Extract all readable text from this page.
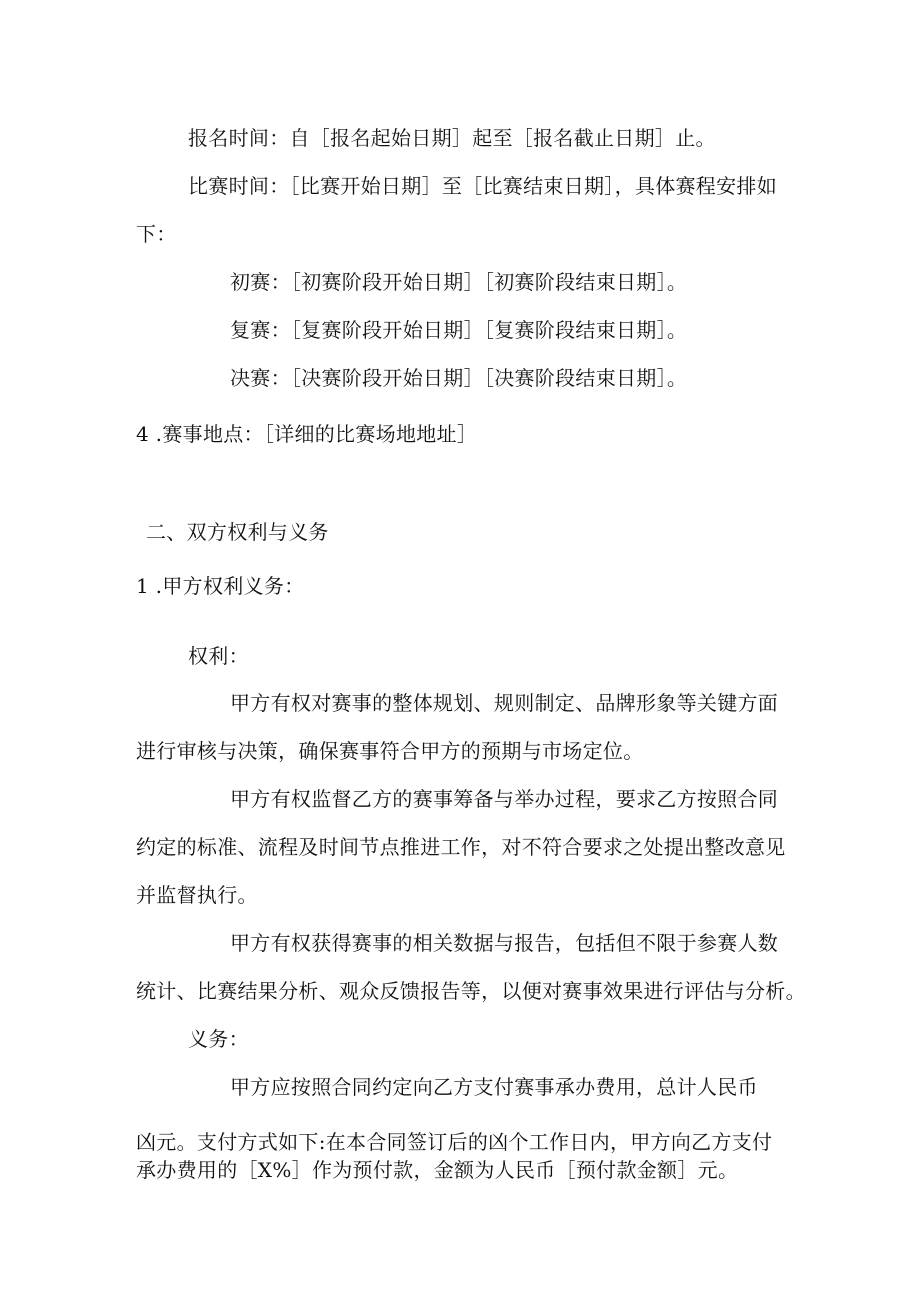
报名时间：自［报名起始日期］起至［报名截止日期］止。
比赛时间：［比赛开始日期］至［比赛结束日期］，具体赛程安排如
下：
初赛：［初赛阶段开始日期］［初赛阶段结束日期］。
复赛：［复赛阶段开始日期］［复赛阶段结束日期］。
决赛：［决赛阶段开始日期］［决赛阶段结束日期］。
4 .赛事地点：［详细的比赛场地地址］
二、双方权利与义务
1 .甲方权利义务：
权利：
甲方有权对赛事的整体规划、规则制定、品牌形象等关键方面
进行审核与决策，确保赛事符合甲方的预期与市场定位。
甲方有权监督乙方的赛事筹备与举办过程，要求乙方按照合同
约定的标准、流程及时间节点推进工作，对不符合要求之处提出整改意见
并监督执行。
甲方有权获得赛事的相关数据与报告，包括但不限于参赛人数
统计、比赛结果分析、观众反馈报告等，以便对赛事效果进行评估与分析。
义务：
甲方应按照合同约定向乙方支付赛事承办费用，总计人民币
凶元。支付方式如下:在本合同签订后的凶个工作日内，甲方向乙方支付
承办费用的［X%］作为预付款，金额为人民币［预付款金额］元。
